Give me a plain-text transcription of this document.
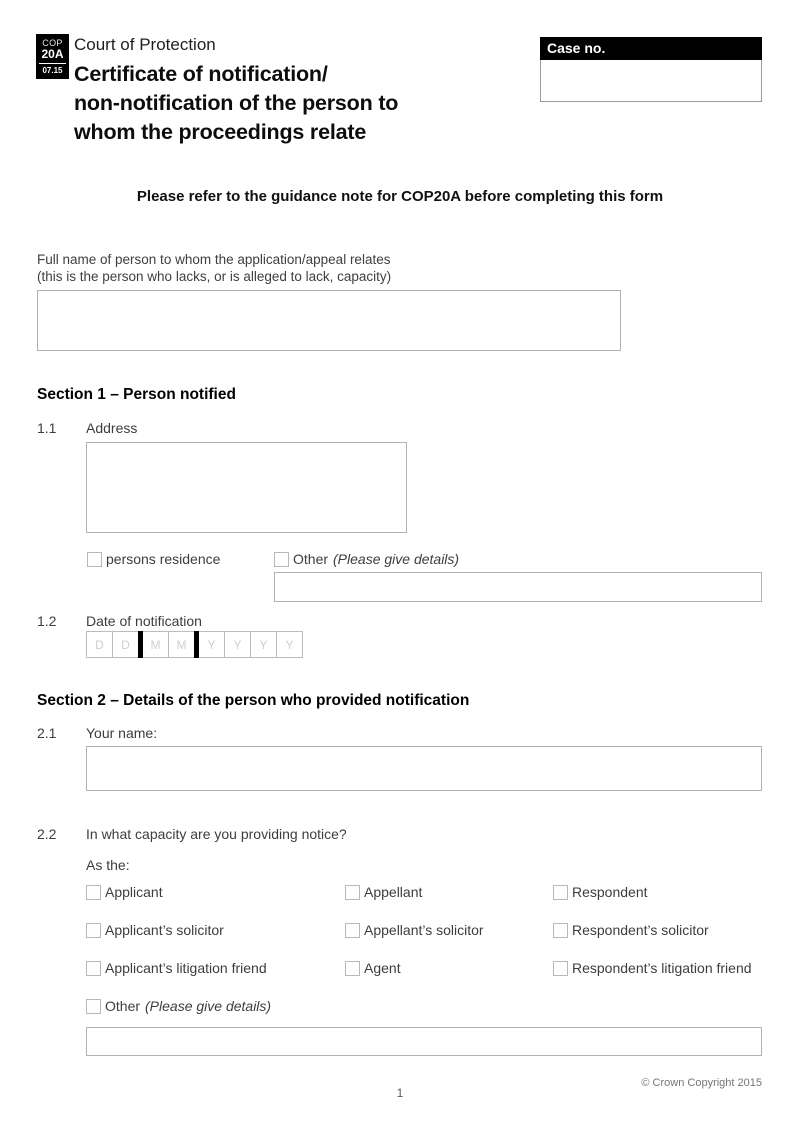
COP
20A
07.15
Court of Protection
Certificate of notification/
non-notification of the person to
whom the proceedings relate
Case no.
Please refer to the guidance note for COP20A before completing this form
Full name of person to whom the application/appeal relates
(this is the person who lacks, or is alleged to lack, capacity)
Section 1 – Person notified
1.1 Address
persons residence	Other (Please give details)
1.2 Date of notification
D	D	M	M	Y	Y	Y	Y
Section 2 – Details of the person who provided notification
2.1 Your name:
2.2 In what capacity are you providing notice?
As the:
Applicant	Appellant	Respondent
Applicant’s solicitor	Appellant’s solicitor	Respondent’s solicitor
Applicant’s litigation friend	Agent	Respondent’s litigation friend
Other (Please give details)
1
© Crown Copyright 2015
